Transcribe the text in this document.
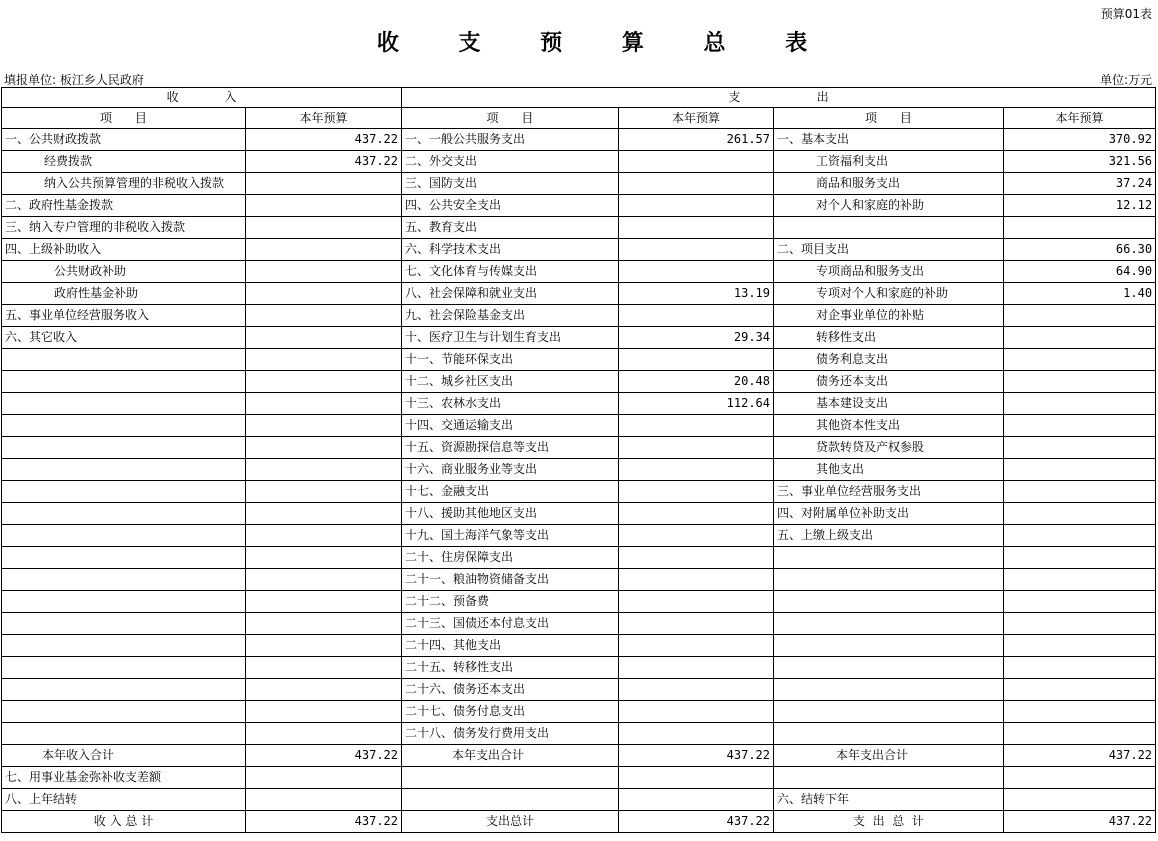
预算01表
收 支 预 算 总 表
填报单位: 板江乡人民政府	单位:万元
收            入		支                    出			
项      目	本年预算	项      目	本年预算	项      目	本年预算
一、公共财政拨款	437.22	一、一般公共服务支出	261.57	一、基本支出	370.92
经费拨款	437.22	二、外交支出		工资福利支出	321.56
纳入公共预算管理的非税收入拨款		三、国防支出		商品和服务支出	37.24
二、政府性基金拨款		四、公共安全支出		对个人和家庭的补助	12.12
三、纳入专户管理的非税收入拨款		五、教育支出			
四、上级补助收入		六、科学技术支出		二、项目支出	66.30
公共财政补助		七、文化体育与传媒支出		专项商品和服务支出	64.90
政府性基金补助		八、社会保障和就业支出	13.19	专项对个人和家庭的补助	1.40
五、事业单位经营服务收入		九、社会保险基金支出		对企事业单位的补贴	
六、其它收入		十、医疗卫生与计划生育支出	29.34	转移性支出	
		十一、节能环保支出		债务利息支出	
		十二、城乡社区支出	20.48	债务还本支出	
		十三、农林水支出	112.64	基本建设支出	
		十四、交通运输支出		其他资本性支出	
		十五、资源勘探信息等支出		贷款转贷及产权参股	
		十六、商业服务业等支出		其他支出	
		十七、金融支出		三、事业单位经营服务支出	
		十八、援助其他地区支出		四、对附属单位补助支出	
		十九、国土海洋气象等支出		五、上缴上级支出	
		二十、住房保障支出			
		二十一、粮油物资储备支出			
		二十二、预备费			
		二十三、国债还本付息支出			
		二十四、其他支出			
		二十五、转移性支出			
		二十六、债务还本支出			
		二十七、债务付息支出			
		二十八、债务发行费用支出			
本年收入合计	437.22	本年支出合计	437.22	本年支出合计	437.22
七、用事业基金弥补收支差额					
八、上年结转				六、结转下年	
收 入 总 计	437.22	支出总计	437.22	支  出  总  计	437.22
